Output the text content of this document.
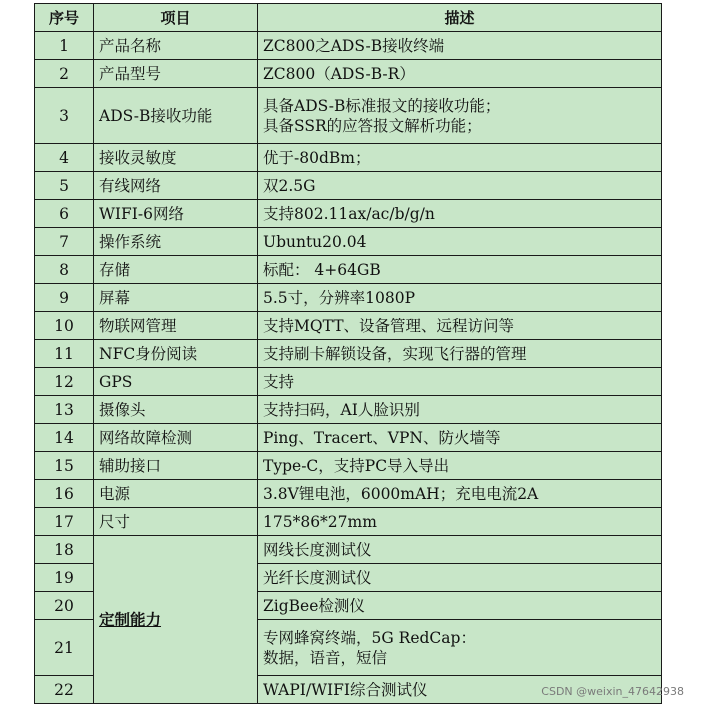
序号	项目	描述
1	产品名称	ZC800之ADS-B接收终端

2	产品型号	ZC800（ADS-B-R）

3	ADS-B接收功能	具备ADS-B标准报文的接收功能；
具备SSR的应答报文解析功能；

4	接收灵敏度	优于-80dBm；

5	有线网络	双2.5G

6	WIFI-6网络	支持802.11ax/ac/b/g/n

7	操作系统	Ubuntu20.04

8	存储	标配： 4+64GB

9	屏幕	5.5寸，分辨率1080P

10	物联网管理	支持MQTT、设备管理、远程访问等

11	NFC身份阅读	支持刷卡解锁设备，实现飞行器的管理

12	GPS	支持

13	摄像头	支持扫码，AI人脸识别

14	网络故障检测	Ping、Tracert、VPN、防火墙等

15	辅助接口	Type-C，支持PC导入导出

16	电源	3.8V锂电池，6000mAH；充电电流2A

17	尺寸	175*86*27mm

18	定制能力	网线长度测试仪

19		光纤长度测试仪

20		ZigBee检测仪

21		专网蜂窝终端，5G RedCap：
数据，语音，短信

22		WAPI/WIFI综合测试仪	CSDN @weixin_47642938
